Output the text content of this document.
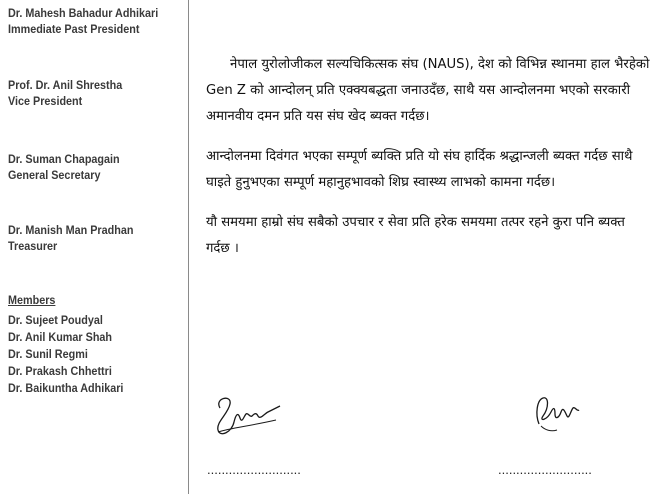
Dr. Mahesh Bahadur Adhikari
Immediate Past President
Prof. Dr. Anil Shrestha
Vice President
Dr. Suman Chapagain
General Secretary
Dr. Manish Man Pradhan
Treasurer
Members
Dr. Sujeet Poudyal
Dr. Anil Kumar Shah
Dr. Sunil Regmi
Dr. Prakash Chhettri
Dr. Baikuntha Adhikari

नेपाल युरोलोजीकल सल्यचिकित्सक संघ (NAUS), देश को विभिन्न स्थानमा हाल भैरहेको Gen Z को आन्दोलन् प्रति एक्क्यबद्धता जनाउदँछ, साथै यस आन्दोलनमा भएको सरकारी अमानवीय दमन प्रति यस संघ खेद ब्यक्त गर्दछ।

आन्दोलनमा दिवंगत भएका सम्पूर्ण ब्यक्ति प्रति यो संघ हार्दिक श्रद्धान्जली ब्यक्त गर्दछ साथै घाइते हुनुभएका सम्पूर्ण महानुहभावको शिघ्र स्वास्थ्य लाभको कामना गर्दछ।

यौ समयमा हाम्रो संघ सबैको उपचार र सेवा प्रति हरेक समयमा तत्पर रहने कुरा पनि ब्यक्त गर्दछ ।

..........................	..........................
